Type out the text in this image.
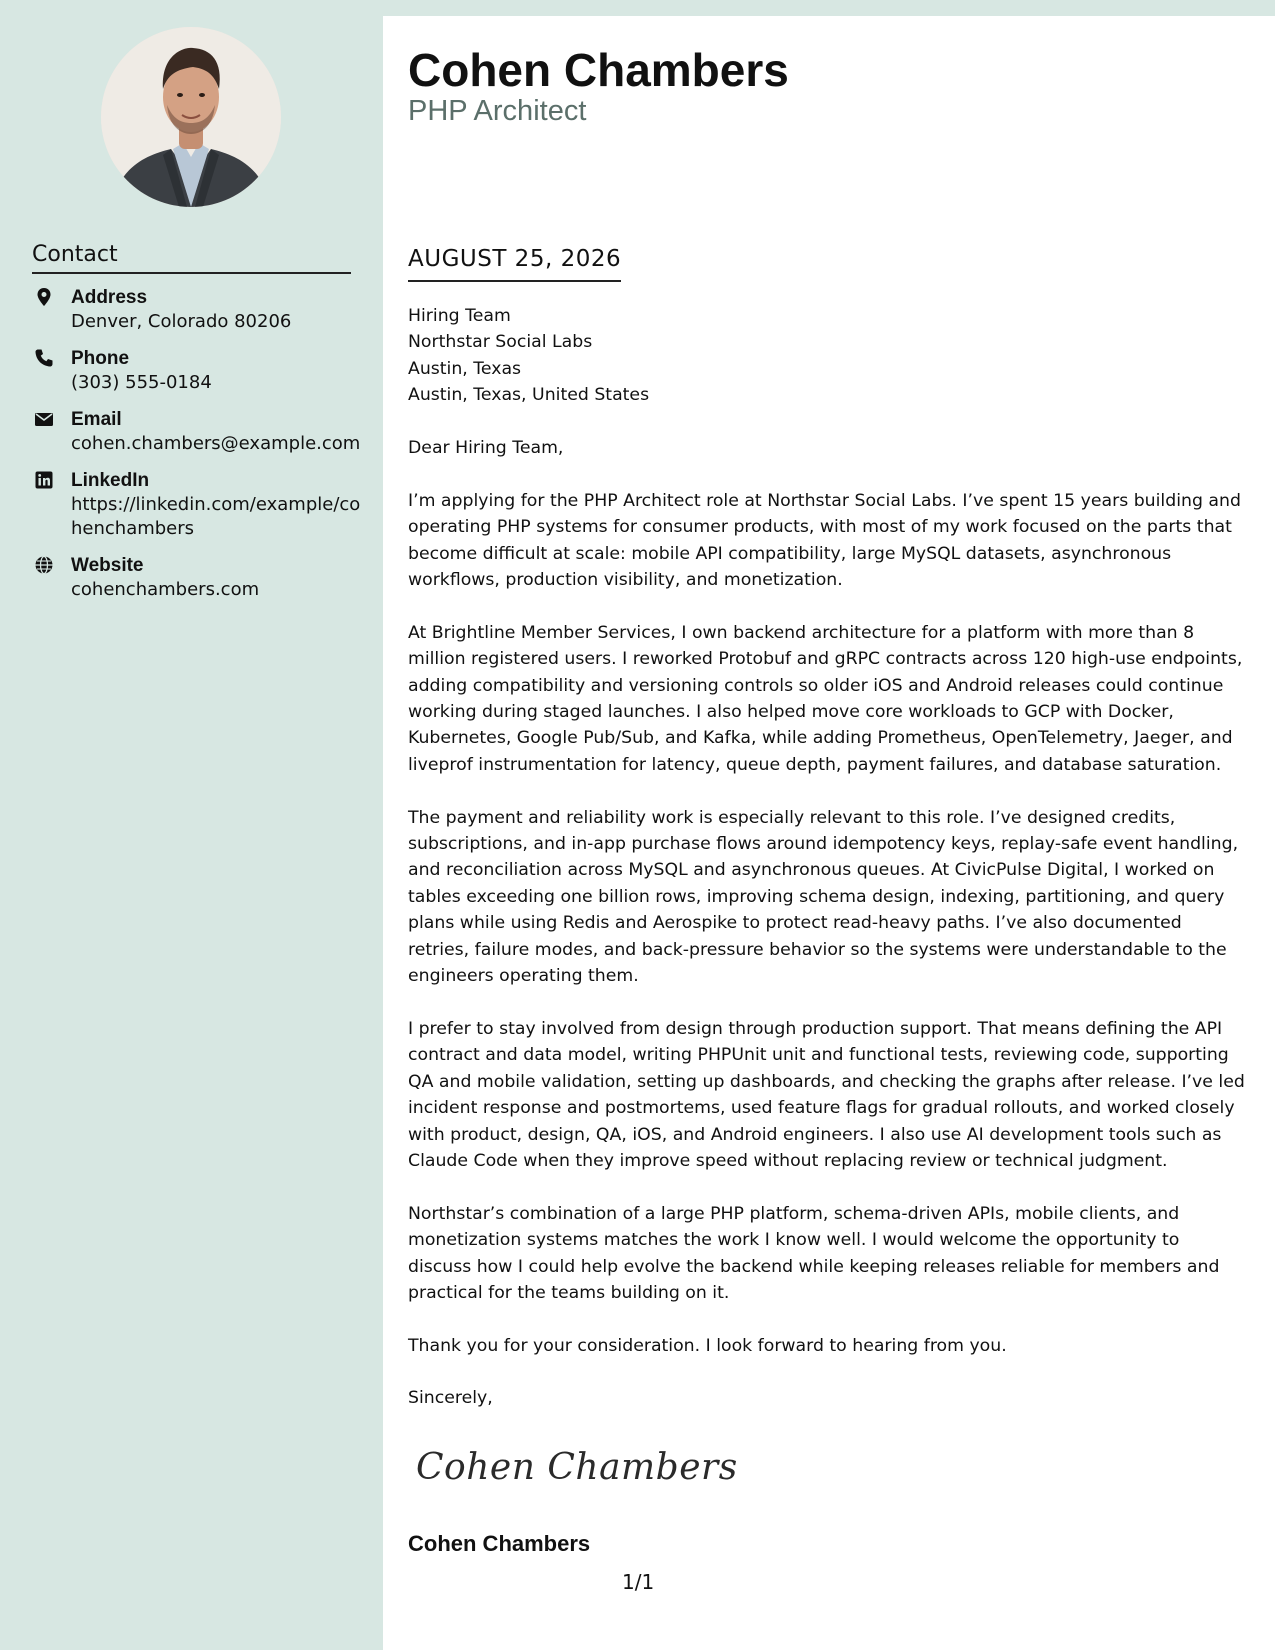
Contact
Address
Denver, Colorado 80206
Phone
(303) 555-0184
Email
cohen.chambers@example.com
LinkedIn
https://linkedin.com/example/cohenchambers
Website
cohenchambers.com
Cohen Chambers
PHP Architect
AUGUST 25, 2026
Hiring Team
Northstar Social Labs
Austin, Texas
Austin, Texas, United States
Dear Hiring Team,

I’m applying for the PHP Architect role at Northstar Social Labs. I’ve spent 15 years building and operating PHP systems for consumer products, with most of my work focused on the parts that become difficult at scale: mobile API compatibility, large MySQL datasets, asynchronous workflows, production visibility, and monetization.

At Brightline Member Services, I own backend architecture for a platform with more than 8 million registered users. I reworked Protobuf and gRPC contracts across 120 high-use endpoints, adding compatibility and versioning controls so older iOS and Android releases could continue working during staged launches. I also helped move core workloads to GCP with Docker, Kubernetes, Google Pub/Sub, and Kafka, while adding Prometheus, OpenTelemetry, Jaeger, and liveprof instrumentation for latency, queue depth, payment failures, and database saturation.

The payment and reliability work is especially relevant to this role. I’ve designed credits, subscriptions, and in-app purchase flows around idempotency keys, replay-safe event handling, and reconciliation across MySQL and asynchronous queues. At CivicPulse Digital, I worked on tables exceeding one billion rows, improving schema design, indexing, partitioning, and query plans while using Redis and Aerospike to protect read-heavy paths. I’ve also documented retries, failure modes, and back-pressure behavior so the systems were understandable to the engineers operating them.

I prefer to stay involved from design through production support. That means defining the API contract and data model, writing PHPUnit unit and functional tests, reviewing code, supporting QA and mobile validation, setting up dashboards, and checking the graphs after release. I’ve led incident response and postmortems, used feature flags for gradual rollouts, and worked closely with product, design, QA, iOS, and Android engineers. I also use AI development tools such as Claude Code when they improve speed without replacing review or technical judgment.

Northstar’s combination of a large PHP platform, schema-driven APIs, mobile clients, and monetization systems matches the work I know well. I would welcome the opportunity to discuss how I could help evolve the backend while keeping releases reliable for members and practical for the teams building on it.

Thank you for your consideration. I look forward to hearing from you.

Sincerely,
Cohen Chambers
Cohen Chambers
1/1
